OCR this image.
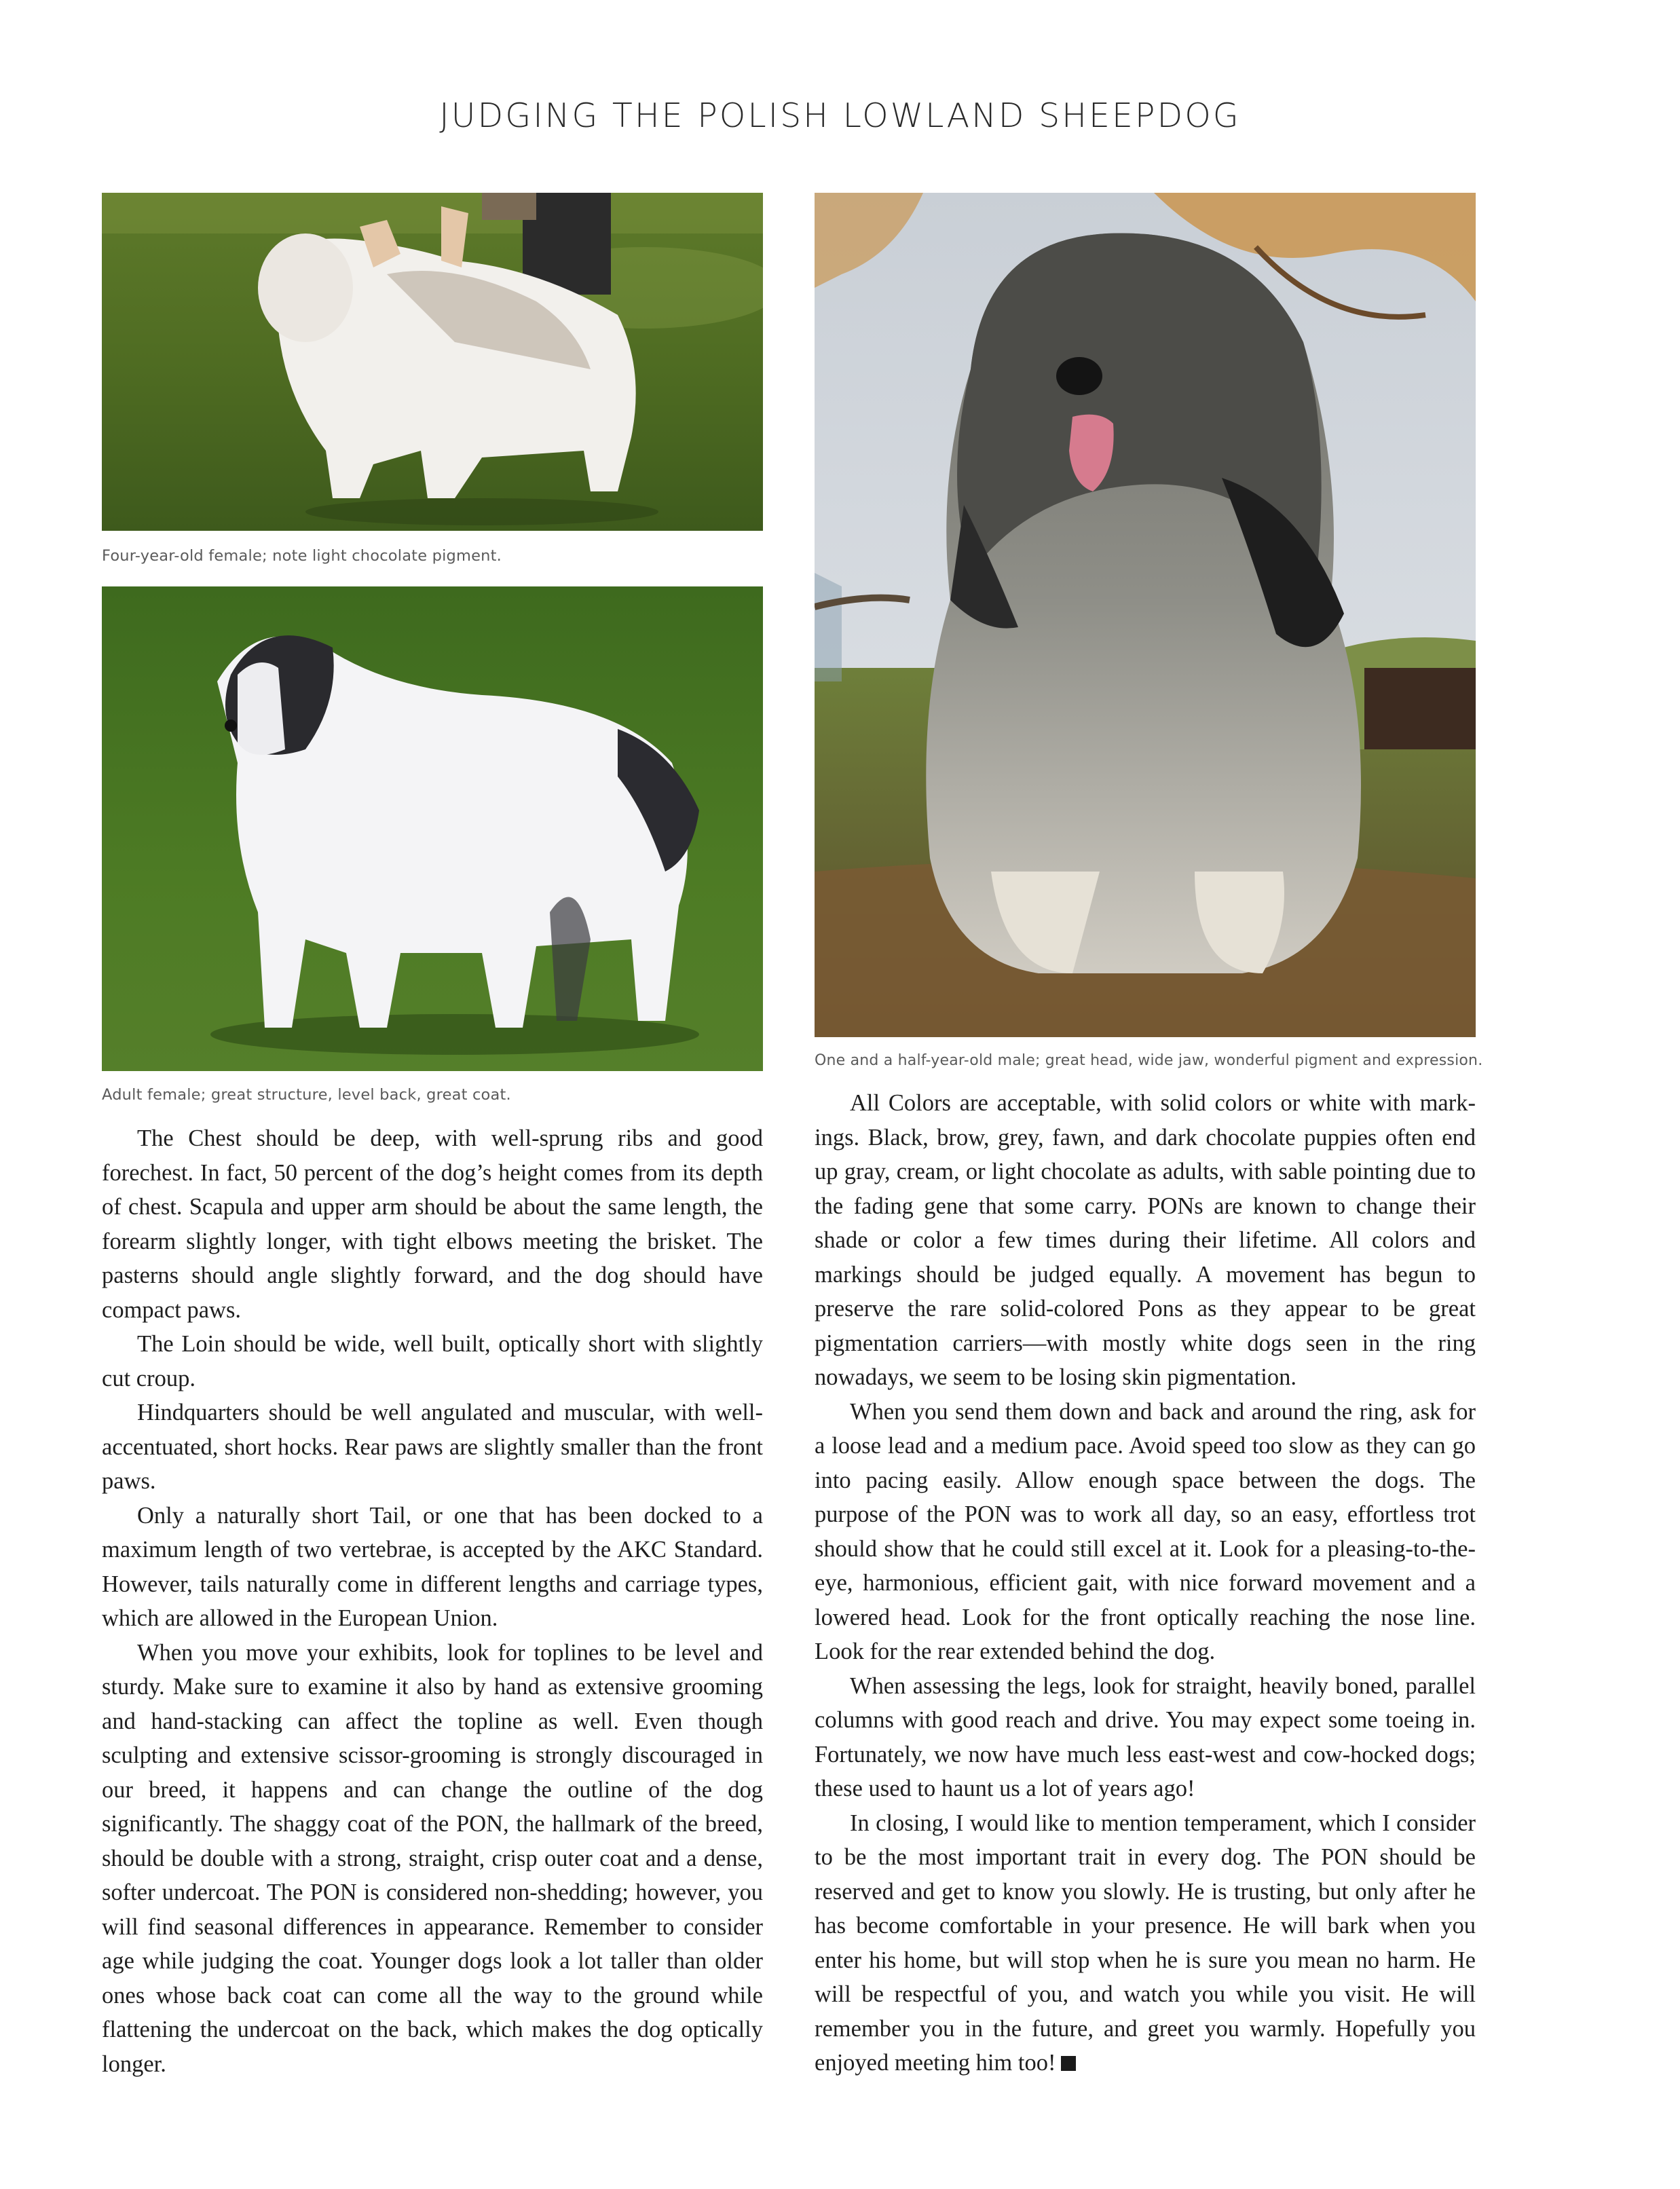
JUDGING THE POLISH LOWLAND SHEEPDOG
Four-year-old female; note light chocolate pigment.
Adult female; great structure, level back, great coat.
One and a half-year-old male; great head, wide jaw, wonderful pigment and expression.

The Chest should be deep, with well-sprung ribs and good forechest. In fact, 50 percent of the dog’s height comes from its depth of chest. Scapula and upper arm should be about the same length, the forearm slightly longer, with tight elbows meeting the brisket. The pasterns should angle slightly forward, and the dog should have compact paws.

The Loin should be wide, well built, optically short with slightly cut croup.

Hindquarters should be well angulated and muscular, with well-accentuated, short hocks. Rear paws are slightly smaller than the front paws.

Only a naturally short Tail, or one that has been docked to a maximum length of two vertebrae, is accepted by the AKC Standard. However, tails naturally come in different lengths and carriage types, which are allowed in the European Union.

When you move your exhibits, look for toplines to be level and sturdy. Make sure to examine it also by hand as extensive grooming and hand-stacking can affect the topline as well. Even though sculpting and extensive scissor-grooming is strongly discouraged in our breed, it happens and can change the outline of the dog significantly. The shaggy coat of the PON, the hallmark of the breed, should be double with a strong, straight, crisp outer coat and a dense, softer undercoat. The PON is considered non-shedding; however, you will find seasonal differences in appearance. Remember to consider age while judging the coat. Younger dogs look a lot taller than older ones whose back coat can come all the way to the ground while flattening the undercoat on the back, which makes the dog optically longer.

All Colors are acceptable, with solid colors or white with markings. Black, brow, grey, fawn, and dark chocolate puppies often end up gray, cream, or light chocolate as adults, with sable pointing due to the fading gene that some carry. PONs are known to change their shade or color a few times during their lifetime. All colors and markings should be judged equally. A movement has begun to preserve the rare solid-colored Pons as they appear to be great pigmentation carriers—with mostly white dogs seen in the ring nowadays, we seem to be losing skin pigmentation.

When you send them down and back and around the ring, ask for a loose lead and a medium pace. Avoid speed too slow as they can go into pacing easily. Allow enough space between the dogs. The purpose of the PON was to work all day, so an easy, effortless trot should show that he could still excel at it. Look for a pleasing-to-the-eye, harmonious, efficient gait, with nice forward movement and a lowered head. Look for the front optically reaching the nose line. Look for the rear extended behind the dog.

When assessing the legs, look for straight, heavily boned, parallel columns with good reach and drive. You may expect some toeing in. Fortunately, we now have much less east-west and cow-hocked dogs; these used to haunt us a lot of years ago!

In closing, I would like to mention temperament, which I consider to be the most important trait in every dog. The PON should be reserved and get to know you slowly. He is trusting, but only after he has become comfortable in your presence. He will bark when you enter his home, but will stop when he is sure you mean no harm. He will be respectful of you, and watch you while you visit. He will remember you in the future, and greet you warmly. Hopefully you enjoyed meeting him too!
